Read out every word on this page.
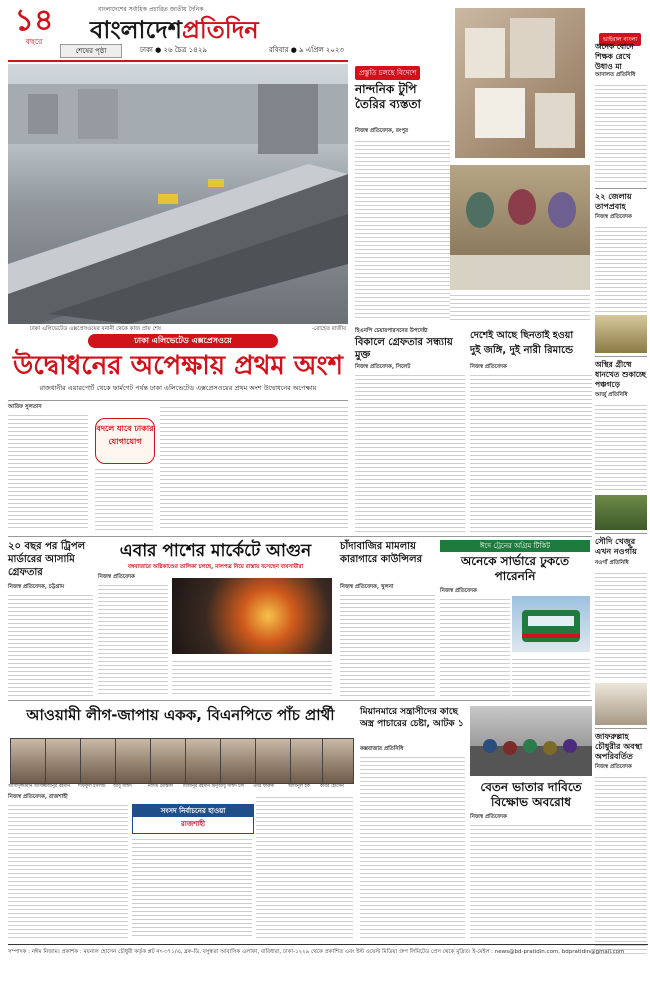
১৪
বছরে
বাংলাদেশের সর্বাধিক প্রচারিত জাতীয় দৈনিক
বাংলাদেশপ্রতিদিন
শেষের পৃষ্ঠা	ঢাকা ● ২৬ চৈত্র ১৪২৯	রবিবার ● ৯ এপ্রিল ২০২৩
ঢাকা এলিভেটেড এক্সপ্রেসওয়ের বনানী থেকে কাজ প্রায় শেষ	-রোহেত রাজীব
প্রস্তুতি চলছে বিদেশে
নান্দনিক টুপি তৈরির ব্যস্ততা
নিজস্ব প্রতিবেদক, রংপুর
ভাইরাল বাংলা
অনেক বোনে শিক্ষক রেখে উধাও মা
আদালত প্রতিনিধি
২২ জেলায় তাপপ্রবাহ
নিজস্ব প্রতিবেদক
অস্থির গ্রীষ্মে ধানখেত শুকাচ্ছে পঞ্চগড়ে
আর্জু প্রতিনিধি
সৌদি খেজুর এখন নওগাঁয়
নওগাঁ প্রতিনিধি
জাফরুল্লাহ চৌধুরীর অবস্থা অপরিবর্তিত
নিজস্ব প্রতিবেদক
ঢাকা এলিভেটেড এক্সপ্রেসওয়ে
উদ্বোধনের অপেক্ষায় প্রথম অংশ
রাজধানীর এয়ারপোর্ট থেকে ফার্মগেট পর্যন্ত ঢাকা এলিভেটেড এক্সপ্রেসওয়ের প্রথম অংশ উদ্বোধনের অপেক্ষায়
আরিফ সুলতান
বদলে যাবে ঢাকার যোগাযোগ
হিএনপি চেয়ারপারসনের উপদেষ্টা
বিকালে গ্রেফতার সন্ধ্যায় মুক্ত
নিজস্ব প্রতিবেদক, সিলেট
দেশেই আছে ছিনতাই হওয়া
দুই জঙ্গি, দুই নারী রিমান্ডে
নিজস্ব প্রতিবেদক
২০ বছর পর ট্রিপল মার্ডারের আসামি গ্রেফতার
নিজস্ব প্রতিবেদক, চট্টগ্রাম
এবার পাশের মার্কেটে আগুন
বঙ্গবাজারে অগ্নিকাণ্ডের তালিকা চলছে, মালপত্র নিয়ে রাস্তায় বসেছেন ব্যবসায়ীরা
নিজস্ব প্রতিবেদক
চাঁদাবাজির মামলায় কারাগারে কাউন্সিলর
নিজস্ব প্রতিবেদক, খুলনা
ঈদে ট্রেনের অগ্রিম টিকিট
অনেকে সার্ভারে ঢুকতে পারেননি
নিজস্ব প্রতিবেদক
আওয়ামী লীগ-জাপায় একক, বিএনপিতে পাঁচ প্রার্থী
আসাদুজ্জামান আসাদ
মিজানুর রহমান	শফিকুল ইসলাম	আবু সাঈদ	নাদিম মোস্তফা	মিজানুর রহমান মিনু আবু সাঈদ চাঁদ	ওমর ফারুক	আমিনুল হক	কবির হোসেন
নিজস্ব প্রতিবেদক, রাজশাহী
সংসদ নির্বাচনের হাওয়া
রাজশাহী
মিয়ানমারে সন্ত্রাসীদের কাছে অস্ত্র পাচারের চেষ্টা, আটক ১
কক্সবাজার প্রতিনিধি
বেতন ভাতার দাবিতে বিক্ষোভ অবরোধ
নিজস্ব প্রতিবেদক
সম্পাদক : নঈম নিজাম। প্রকাশক : ময়নাল হোসেন চৌধুরী কর্তৃক প্লট নং-৩৭১/এ, ব্লক-ডি, বসুন্ধরা আবাসিক এলাকা, বারিধারা, ঢাকা-১২২৯ থেকে প্রকাশিত এবং ইস্ট ওয়েস্ট মিডিয়া গ্রুপ লিমিটেড প্রেস থেকে মুদ্রিত। ই-মেইল : news@bd-pratidin.com, bdpratidin@gmail.com
